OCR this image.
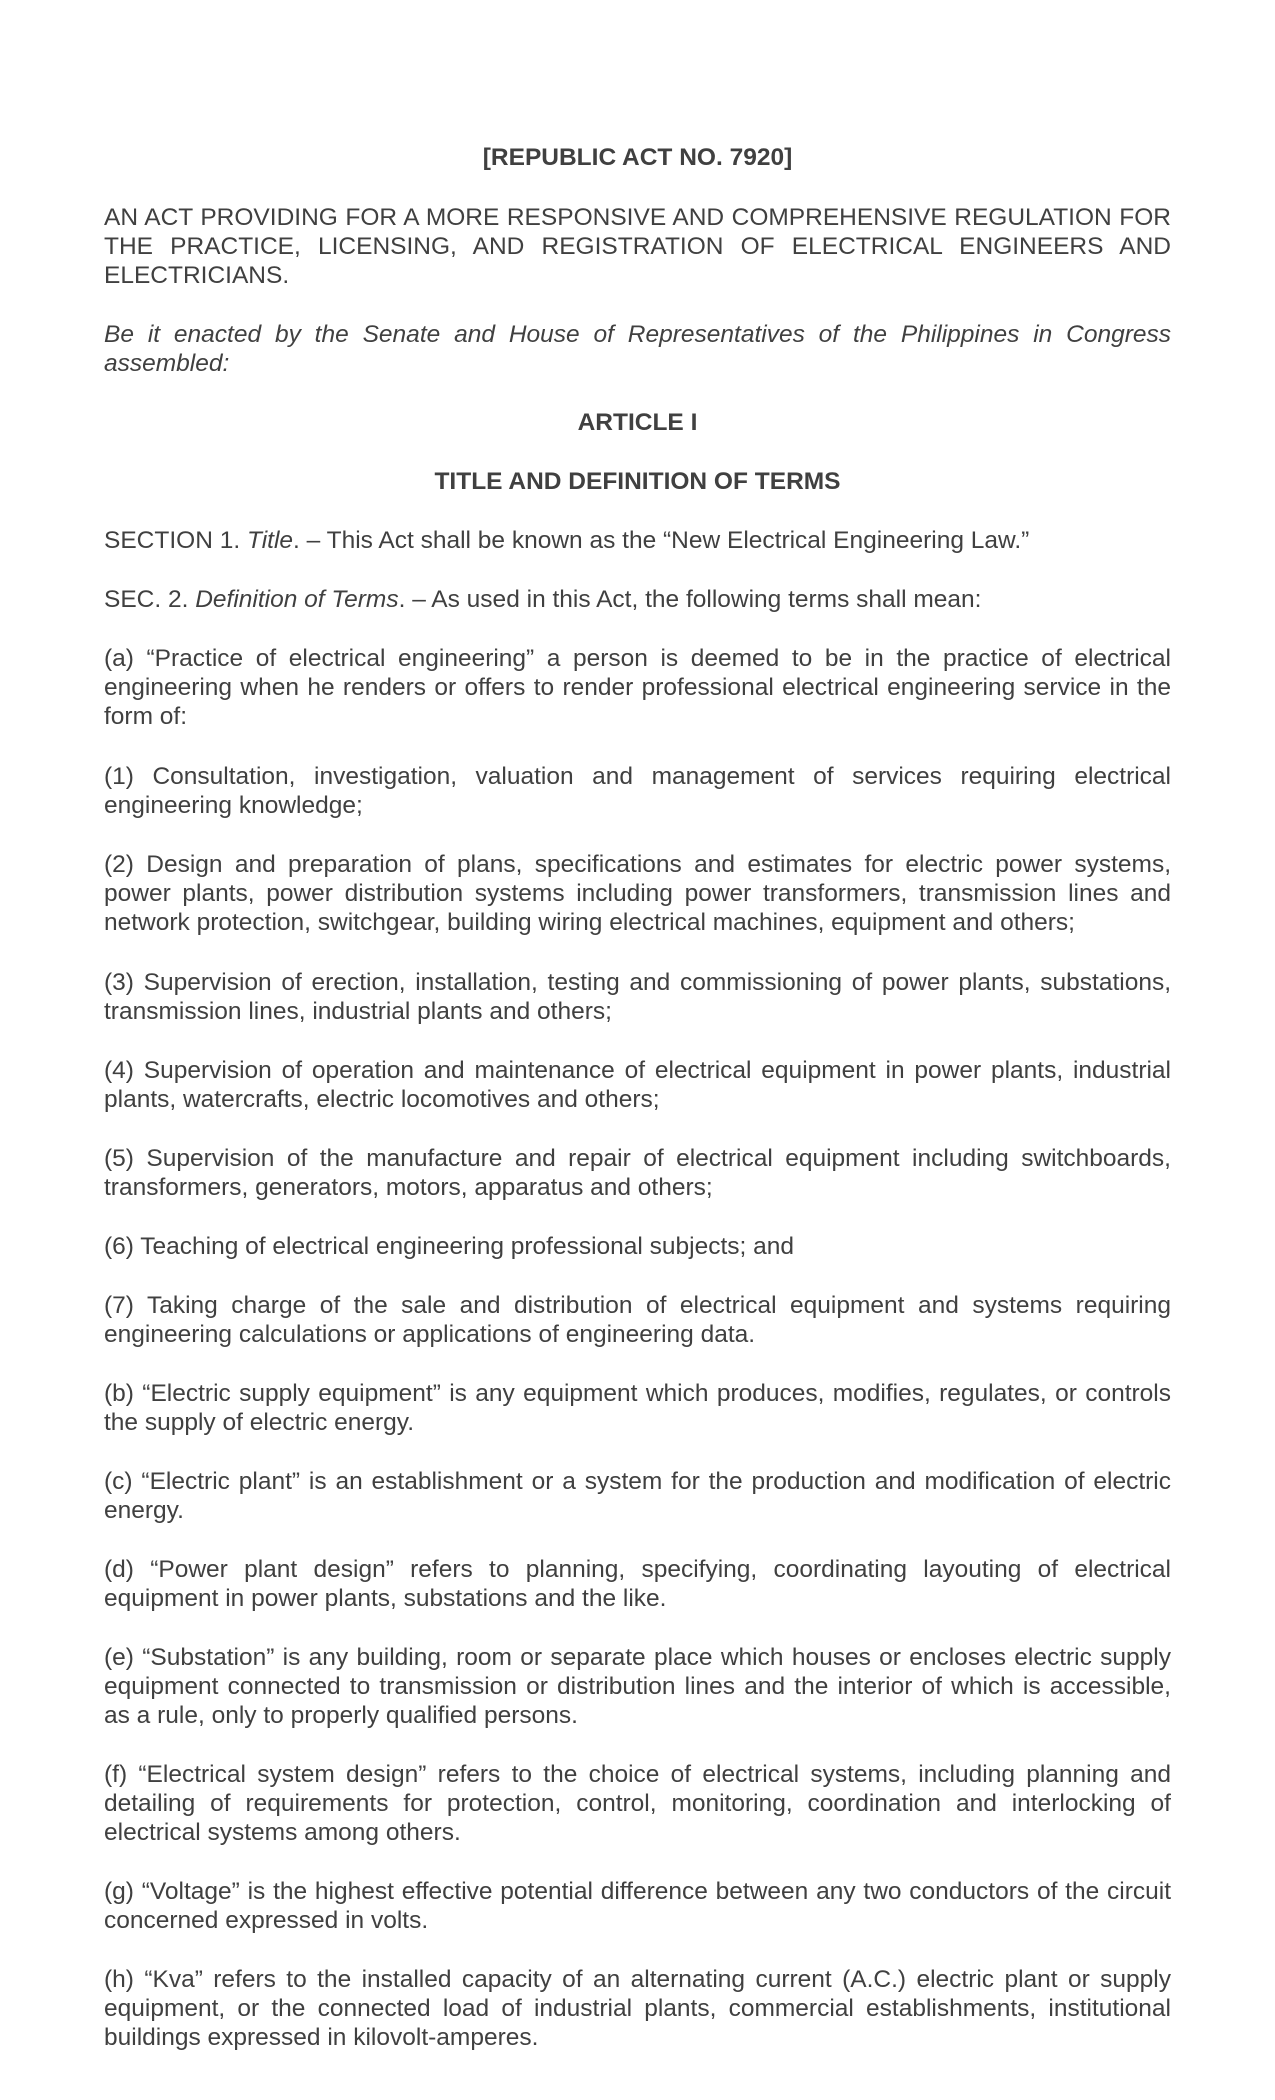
[REPUBLIC ACT NO. 7920]

AN ACT PROVIDING FOR A MORE RESPONSIVE AND COMPREHENSIVE REGULATION FOR THE PRACTICE, LICENSING, AND REGISTRATION OF ELECTRICAL ENGINEERS AND ELECTRICIANS.

Be it enacted by the Senate and House of Representatives of the Philippines in Congress assembled:

ARTICLE I

TITLE AND DEFINITION OF TERMS

SECTION 1. Title. – This Act shall be known as the “New Electrical Engineering Law.”

SEC. 2. Definition of Terms. – As used in this Act, the following terms shall mean:

(a) “Practice of electrical engineering” a person is deemed to be in the practice of electrical engineering when he renders or offers to render professional electrical engineering service in the form of:

(1) Consultation, investigation, valuation and management of services requiring electrical engineering knowledge;

(2) Design and preparation of plans, specifications and estimates for electric power systems, power plants, power distribution systems including power transformers, transmission lines and network protection, switchgear, building wiring electrical machines, equipment and others;

(3) Supervision of erection, installation, testing and commissioning of power plants, substations, transmission lines, industrial plants and others;

(4) Supervision of operation and maintenance of electrical equipment in power plants, industrial plants, watercrafts, electric locomotives and others;

(5) Supervision of the manufacture and repair of electrical equipment including switchboards, transformers, generators, motors, apparatus and others;

(6) Teaching of electrical engineering professional subjects; and

(7) Taking charge of the sale and distribution of electrical equipment and systems requiring engineering calculations or applications of engineering data.

(b) “Electric supply equipment” is any equipment which produces, modifies, regulates, or controls the supply of electric energy.

(c) “Electric plant” is an establishment or a system for the production and modification of electric energy.

(d) “Power plant design” refers to planning, specifying, coordinating layouting of electrical equipment in power plants, substations and the like.

(e) “Substation” is any building, room or separate place which houses or encloses electric supply equipment connected to transmission or distribution lines and the interior of which is accessible, as a rule, only to properly qualified persons.

(f) “Electrical system design” refers to the choice of electrical systems, including planning and detailing of requirements for protection, control, monitoring, coordination and interlocking of electrical systems among others.

(g) “Voltage” is the highest effective potential difference between any two conductors of the circuit concerned expressed in volts.

(h) “Kva” refers to the installed capacity of an alternating current (A.C.) electric plant or supply equipment, or the connected load of industrial plants, commercial establishments, institutional buildings expressed in kilovolt-amperes.
